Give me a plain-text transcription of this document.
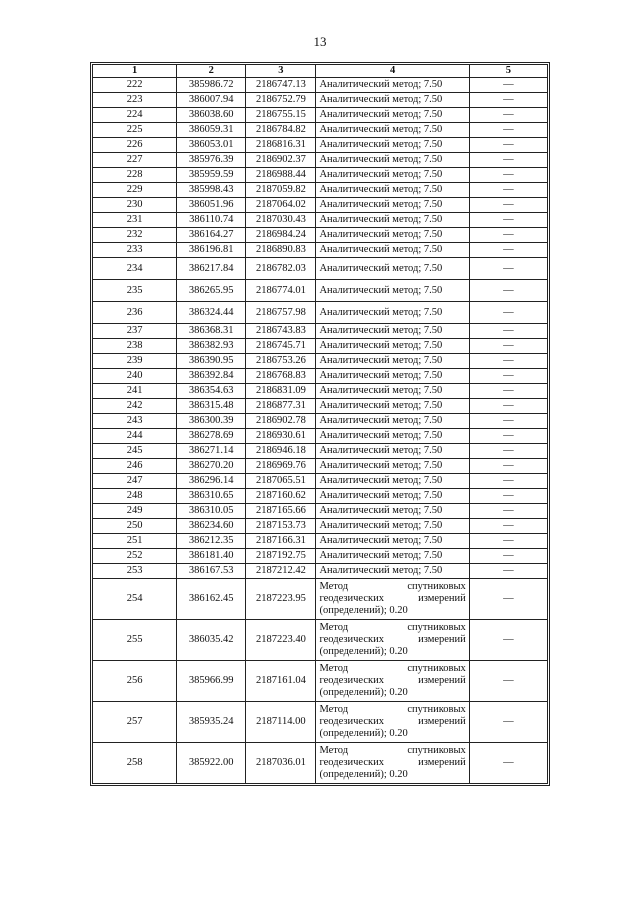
13
1	2	3	4	5
222	385986.72	2186747.13	Аналитический метод; 7.50	—
223	386007.94	2186752.79	Аналитический метод; 7.50	—
224	386038.60	2186755.15	Аналитический метод; 7.50	—
225	386059.31	2186784.82	Аналитический метод; 7.50	—
226	386053.01	2186816.31	Аналитический метод; 7.50	—
227	385976.39	2186902.37	Аналитический метод; 7.50	—
228	385959.59	2186988.44	Аналитический метод; 7.50	—
229	385998.43	2187059.82	Аналитический метод; 7.50	—
230	386051.96	2187064.02	Аналитический метод; 7.50	—
231	386110.74	2187030.43	Аналитический метод; 7.50	—
232	386164.27	2186984.24	Аналитический метод; 7.50	—
233	386196.81	2186890.83	Аналитический метод; 7.50	—
234	386217.84	2186782.03	Аналитический метод; 7.50	—
235	386265.95	2186774.01	Аналитический метод; 7.50	—
236	386324.44	2186757.98	Аналитический метод; 7.50	—
237	386368.31	2186743.83	Аналитический метод; 7.50	—
238	386382.93	2186745.71	Аналитический метод; 7.50	—
239	386390.95	2186753.26	Аналитический метод; 7.50	—
240	386392.84	2186768.83	Аналитический метод; 7.50	—
241	386354.63	2186831.09	Аналитический метод; 7.50	—
242	386315.48	2186877.31	Аналитический метод; 7.50	—
243	386300.39	2186902.78	Аналитический метод; 7.50	—
244	386278.69	2186930.61	Аналитический метод; 7.50	—
245	386271.14	2186946.18	Аналитический метод; 7.50	—
246	386270.20	2186969.76	Аналитический метод; 7.50	—
247	386296.14	2187065.51	Аналитический метод; 7.50	—
248	386310.65	2187160.62	Аналитический метод; 7.50	—
249	386310.05	2187165.66	Аналитический метод; 7.50	—
250	386234.60	2187153.73	Аналитический метод; 7.50	—
251	386212.35	2187166.31	Аналитический метод; 7.50	—
252	386181.40	2187192.75	Аналитический метод; 7.50	—
253	386167.53	2187212.42	Аналитический метод; 7.50	—
254	386162.45	2187223.95	Метод спутниковых
геодезических измерений
(определений); 0.20	—
255	386035.42	2187223.40	Метод спутниковых
геодезических измерений
(определений); 0.20	—
256	385966.99	2187161.04	Метод спутниковых
геодезических измерений
(определений); 0.20	—
257	385935.24	2187114.00	Метод спутниковых
геодезических измерений
(определений); 0.20	—
258	385922.00	2187036.01	Метод спутниковых
геодезических измерений
(определений); 0.20	—
